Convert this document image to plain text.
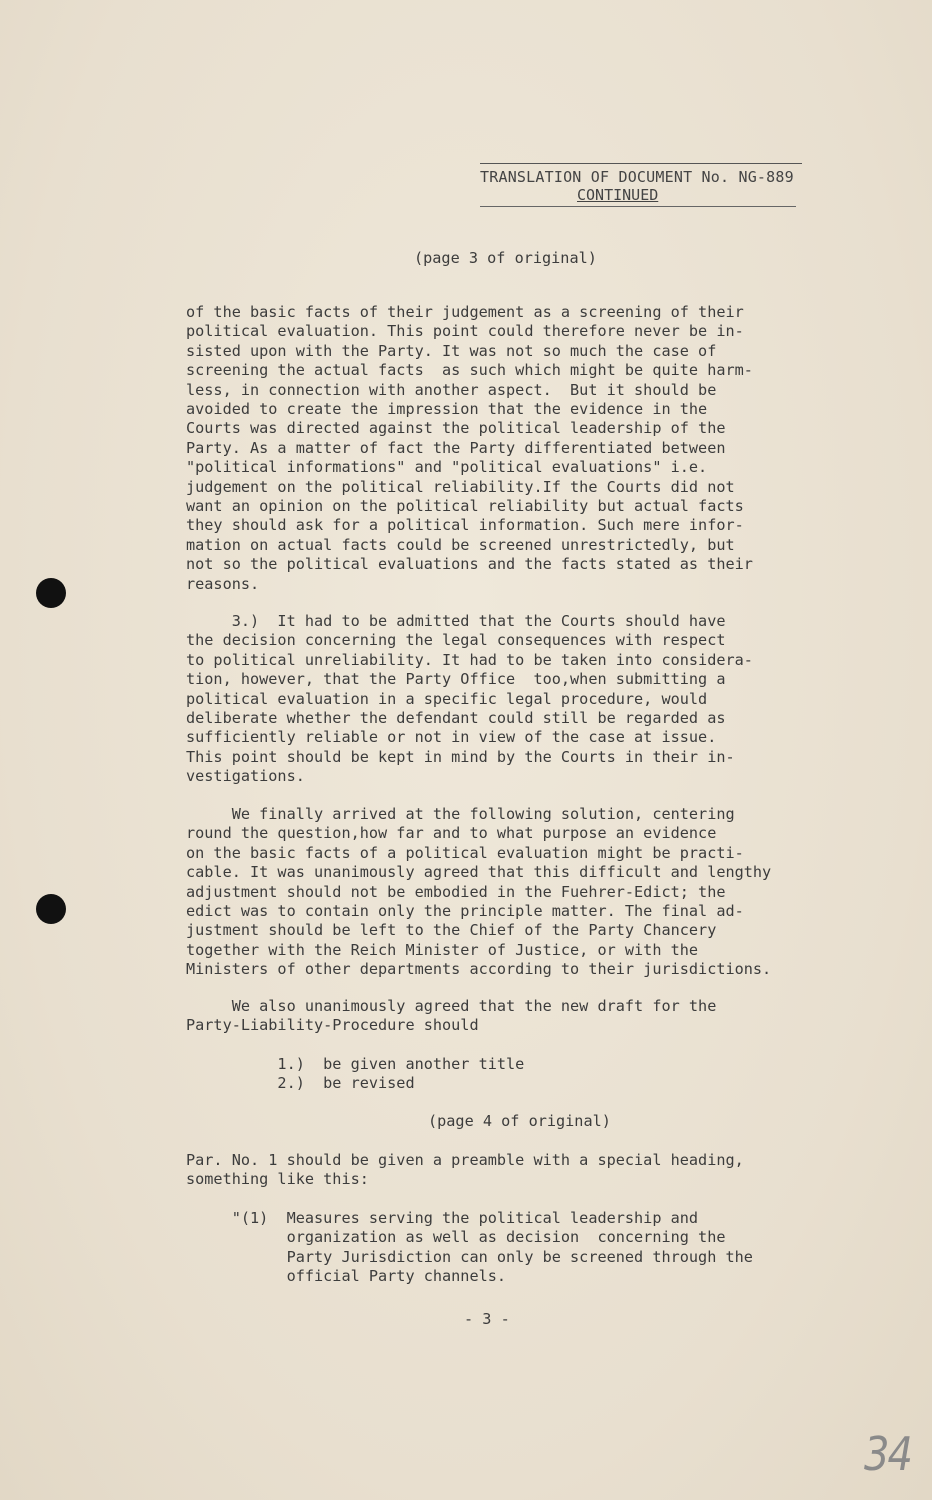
TRANSLATION OF DOCUMENT No. NG-889
CONTINUED
(page 3 of original)
of the basic facts of their judgement as a screening of their
political evaluation. This point could therefore never be in-
sisted upon with the Party. It was not so much the case of
screening the actual facts  as such which might be quite harm-
less, in connection with another aspect.  But it should be
avoided to create the impression that the evidence in the
Courts was directed against the political leadership of the
Party. As a matter of fact the Party differentiated between
"political informations" and "political evaluations" i.e.
judgement on the political reliability.If the Courts did not
want an opinion on the political reliability but actual facts
they should ask for a political information. Such mere infor-
mation on actual facts could be screened unrestrictedly, but
not so the political evaluations and the facts stated as their
reasons.
3.)  It had to be admitted that the Courts should have
the decision concerning the legal consequences with respect
to political unreliability. It had to be taken into considera-
tion, however, that the Party Office  too,when submitting a
political evaluation in a specific legal procedure, would
deliberate whether the defendant could still be regarded as
sufficiently reliable or not in view of the case at issue.
This point should be kept in mind by the Courts in their in-
vestigations.
We finally arrived at the following solution, centering
round the question,how far and to what purpose an evidence
on the basic facts of a political evaluation might be practi-
cable. It was unanimously agreed that this difficult and lengthy
adjustment should not be embodied in the Fuehrer-Edict; the
edict was to contain only the principle matter. The final ad-
justment should be left to the Chief of the Party Chancery
together with the Reich Minister of Justice, or with the
Ministers of other departments according to their jurisdictions.
We also unanimously agreed that the new draft for the
Party-Liability-Procedure should
1.)  be given another title
2.)  be revised
(page 4 of original)
Par. No. 1 should be given a preamble with a special heading,
something like this:
"(1)  Measures serving the political leadership and
organization as well as decision  concerning the
Party Jurisdiction can only be screened through the
official Party channels.
- 3 -
34
